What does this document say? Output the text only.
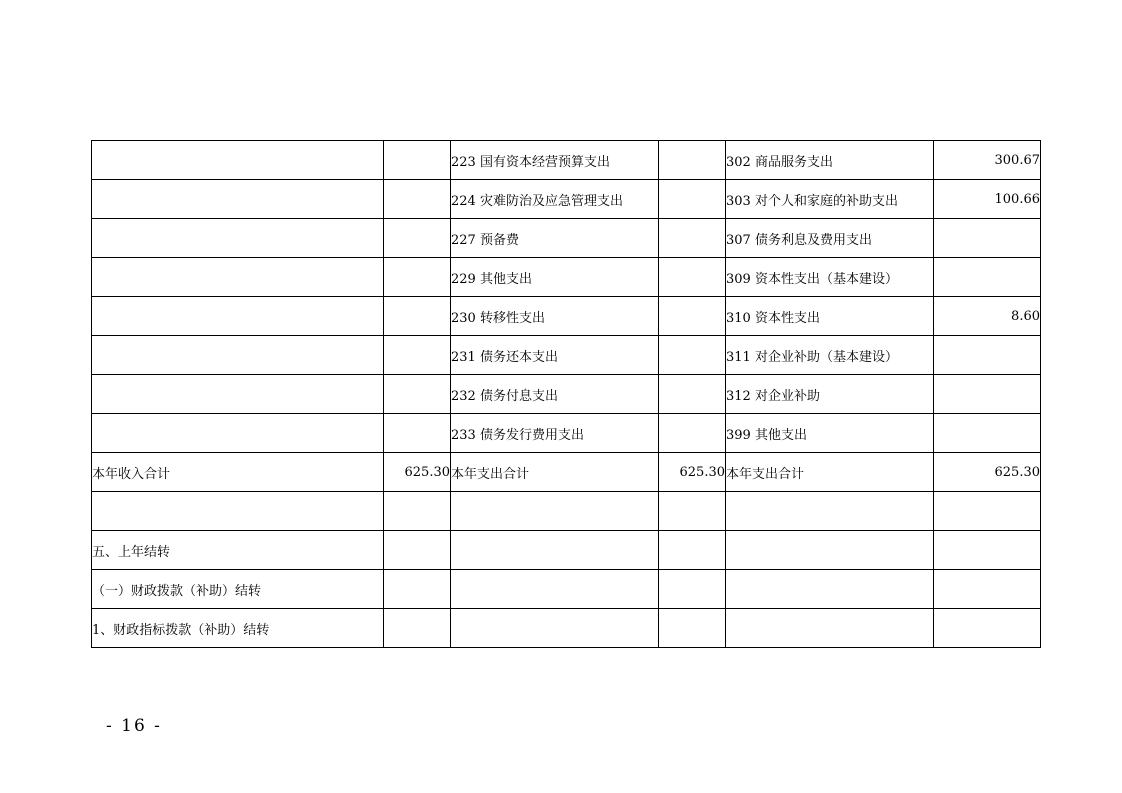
		223 国有资本经营预算支出		302 商品服务支出	300.67
		224 灾难防治及应急管理支出		303 对个人和家庭的补助支出	100.66
		227 预备费		307 债务利息及费用支出	
		229 其他支出		309 资本性支出（基本建设）	
		230 转移性支出		310 资本性支出	8.60
		231 债务还本支出		311 对企业补助（基本建设）	
		232 债务付息支出		312 对企业补助	
		233 债务发行费用支出		399 其他支出	
本年收入合计	625.30	本年支出合计	625.30	本年支出合计	625.30

五、上年结转					
（一）财政拨款（补助）结转					
1、财政指标拨款（补助）结转					
- 16 -
